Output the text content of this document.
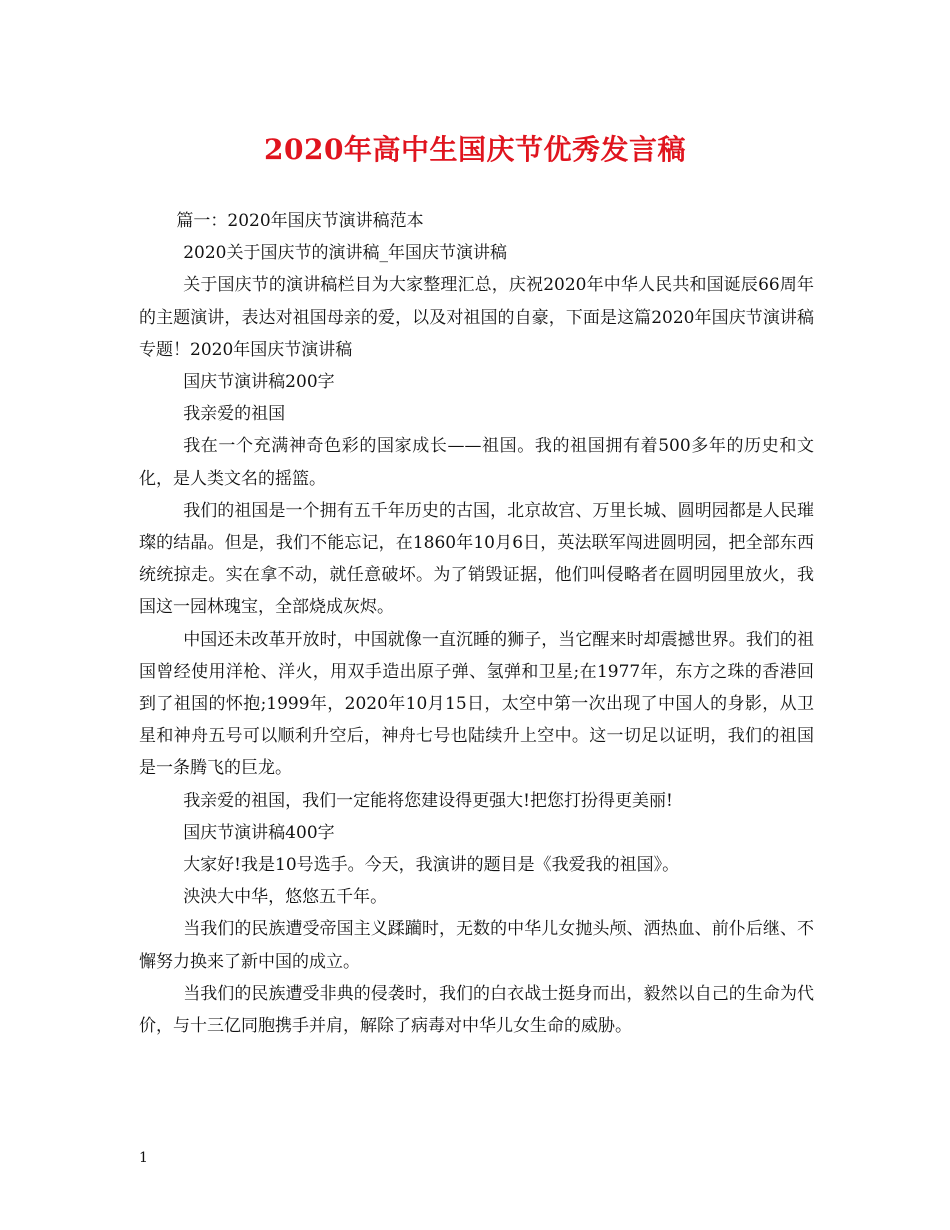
2020年高中生国庆节优秀发言稿

篇一：2020年国庆节演讲稿范本

2020关于国庆节的演讲稿_年国庆节演讲稿

关于国庆节的演讲稿栏目为大家整理汇总，庆祝2020年中华人民共和国诞辰66周年的主题演讲，表达对祖国母亲的爱，以及对祖国的自豪，下面是这篇2020年国庆节演讲稿专题！2020年国庆节演讲稿

国庆节演讲稿200字

我亲爱的祖国

我在一个充满神奇色彩的国家成长——祖国。我的祖国拥有着500多年的历史和文化，是人类文名的摇篮。

我们的祖国是一个拥有五千年历史的古国，北京故宫、万里长城、圆明园都是人民璀璨的结晶。但是，我们不能忘记，在1860年10月6日，英法联军闯进圆明园，把全部东西统统掠走。实在拿不动，就任意破坏。为了销毁证据，他们叫侵略者在圆明园里放火，我国这一园林瑰宝，全部烧成灰烬。

中国还未改革开放时，中国就像一直沉睡的狮子，当它醒来时却震撼世界。我们的祖国曾经使用洋枪、洋火，用双手造出原子弹、氢弹和卫星;在1977年，东方之珠的香港回到了祖国的怀抱;1999年，2020年10月15日，太空中第一次出现了中国人的身影，从卫星和神舟五号可以顺利升空后，神舟七号也陆续升上空中。这一切足以证明，我们的祖国是一条腾飞的巨龙。

我亲爱的祖国，我们一定能将您建设得更强大!把您打扮得更美丽!

国庆节演讲稿400字

大家好!我是10号选手。今天，我演讲的题目是《我爱我的祖国》。

泱泱大中华，悠悠五千年。

当我们的民族遭受帝国主义蹂躏时，无数的中华儿女抛头颅、洒热血、前仆后继、不懈努力换来了新中国的成立。

当我们的民族遭受非典的侵袭时，我们的白衣战士挺身而出，毅然以自己的生命为代价，与十三亿同胞携手并肩，解除了病毒对中华儿女生命的威胁。

1
